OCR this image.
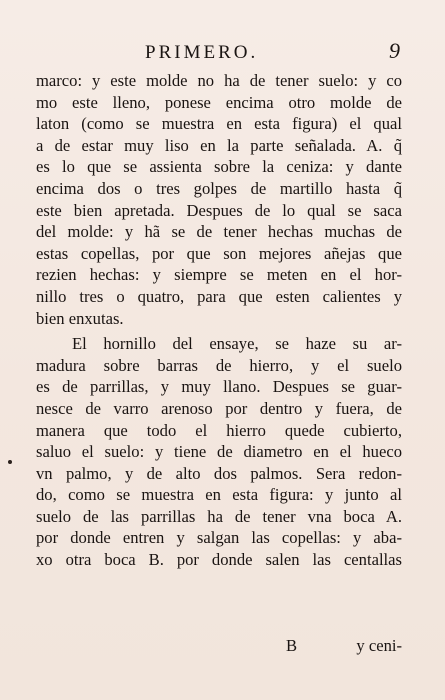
PRIMERO.	9
marco: y este molde no ha de tener suelo: y co
mo este lleno, ponese encima otro molde de
laton (como se muestra en esta figura) el qual
a de estar muy liso en la parte señalada. A. q̃
es lo que se assienta sobre la ceniza: y dante
encima dos o tres golpes de martillo hasta q̃
este bien apretada. Despues de lo qual se saca
del molde: y hã se de tener hechas muchas de
estas copellas, por que son mejores añejas que
rezien hechas: y siempre se meten en el hor-
nillo tres o quatro, para que esten calientes y
bien enxutas.
El hornillo del ensaye, se haze su ar-
madura sobre barras de hierro, y el suelo
es de parrillas, y muy llano. Despues se guar-
nesce de varro arenoso por dentro y fuera, de
manera que todo el hierro quede cubierto,
saluo el suelo: y tiene de diametro en el hueco
vn palmo, y de alto dos palmos. Sera redon-
do, como se muestra en esta figura: y junto al
suelo de las parrillas ha de tener vna boca A.
por donde entren y salgan las copellas: y aba-
xo otra boca B. por donde salen las centallas
B	y ceni-
